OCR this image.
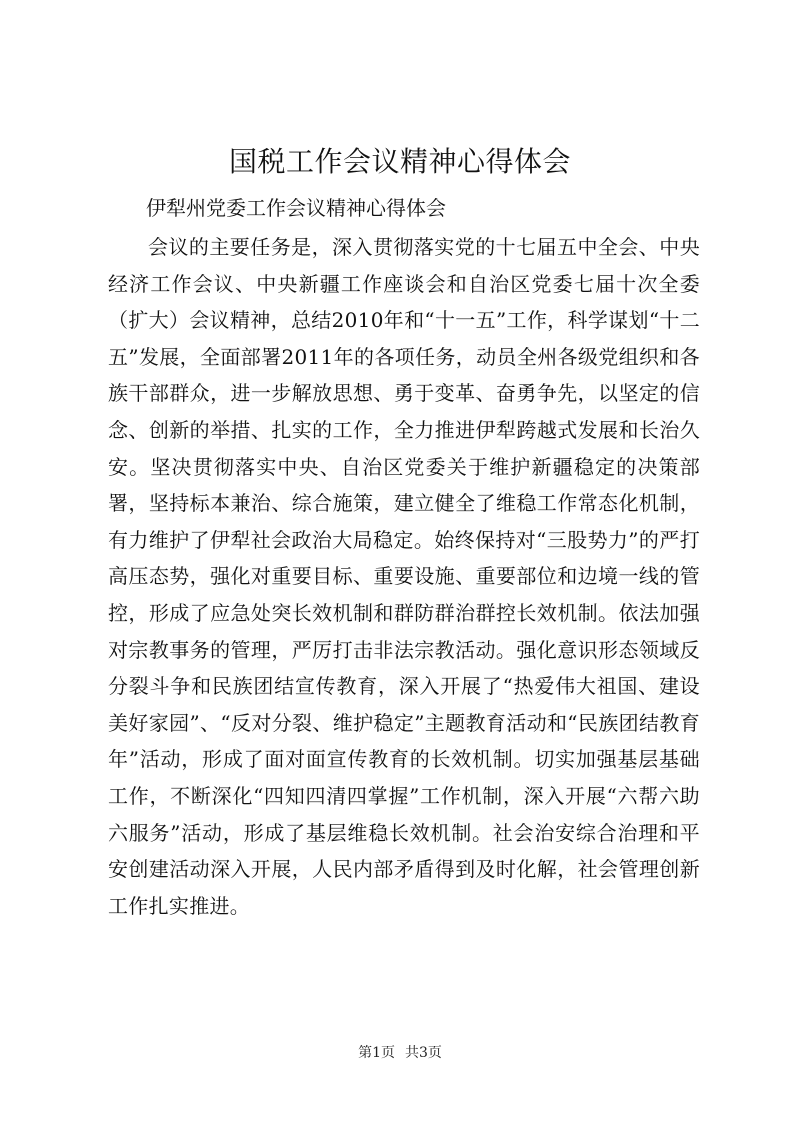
国税工作会议精神心得体会

伊犁州党委工作会议精神心得体会

会议的主要任务是，深入贯彻落实党的十七届五中全会、中央经济工作会议、中央新疆工作座谈会和自治区党委七届十次全委（扩大）会议精神，总结2010年和“十一五”工作，科学谋划“十二五”发展，全面部署2011年的各项任务，动员全州各级党组织和各族干部群众，进一步解放思想、勇于变革、奋勇争先，以坚定的信念、创新的举措、扎实的工作，全力推进伊犁跨越式发展和长治久安。坚决贯彻落实中央、自治区党委关于维护新疆稳定的决策部署，坚持标本兼治、综合施策，建立健全了维稳工作常态化机制，有力维护了伊犁社会政治大局稳定。始终保持对“三股势力”的严打高压态势，强化对重要目标、重要设施、重要部位和边境一线的管控，形成了应急处突长效机制和群防群治群控长效机制。依法加强对宗教事务的管理，严厉打击非法宗教活动。强化意识形态领域反分裂斗争和民族团结宣传教育，深入开展了“热爱伟大祖国、建设美好家园”、“反对分裂、维护稳定”主题教育活动和“民族团结教育年”活动，形成了面对面宣传教育的长效机制。切实加强基层基础工作，不断深化“四知四清四掌握”工作机制，深入开展“六帮六助六服务”活动，形成了基层维稳长效机制。社会治安综合治理和平安创建活动深入开展，人民内部矛盾得到及时化解，社会管理创新工作扎实推进。

第1页 共3页
